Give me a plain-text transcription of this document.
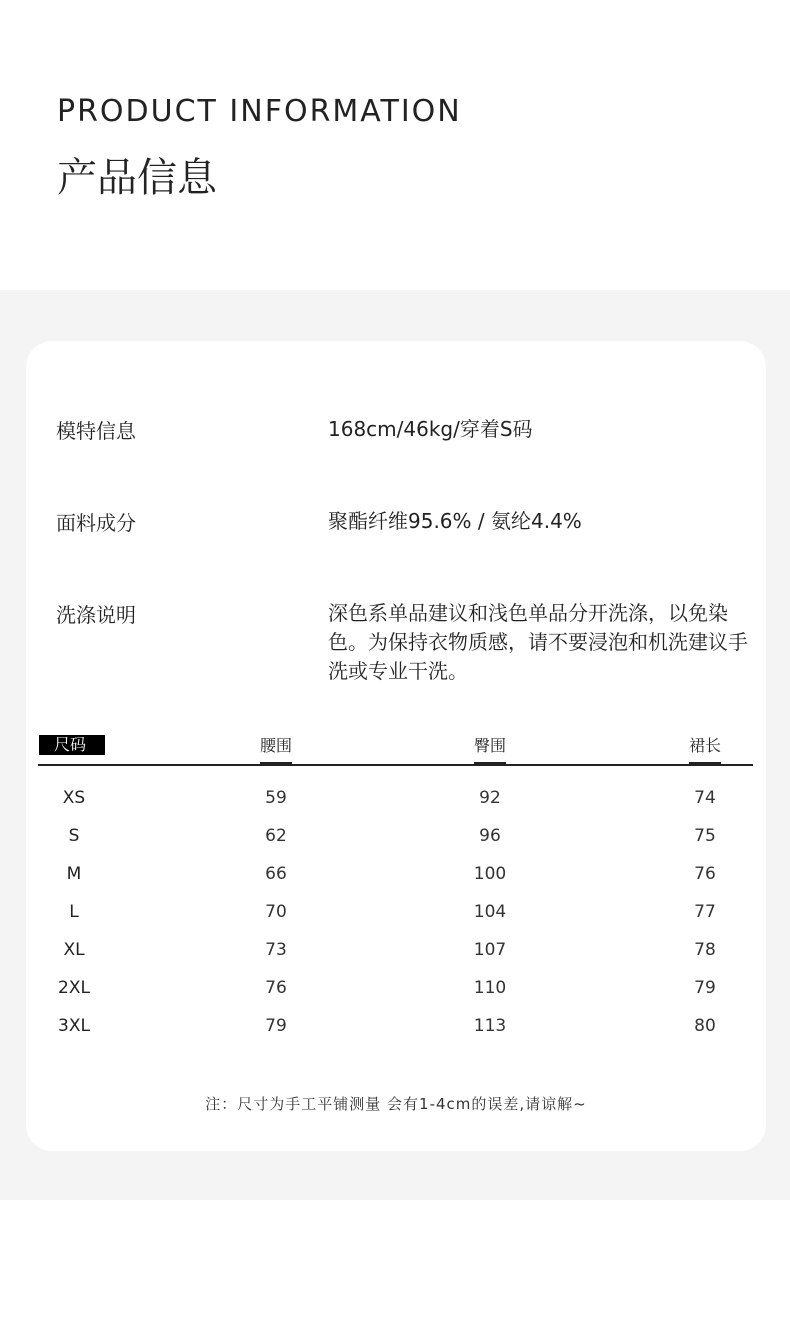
PRODUCT INFORMATION
产品信息
模特信息	168cm/46kg/穿着S码
面料成分	聚酯纤维95.6% / 氨纶4.4%
洗涤说明	深色系单品建议和浅色单品分开洗涤，以免染色。为保持衣物质感，请不要浸泡和机洗建议手洗或专业干洗。
尺码	腰围	臀围	裙长
XS	59	92	74
S	62	96	75
M	66	100	76
L	70	104	77
XL	73	107	78
2XL	76	110	79
3XL	79	113	80
注：尺寸为手工平铺测量 会有1-4cm的误差,请谅解~
